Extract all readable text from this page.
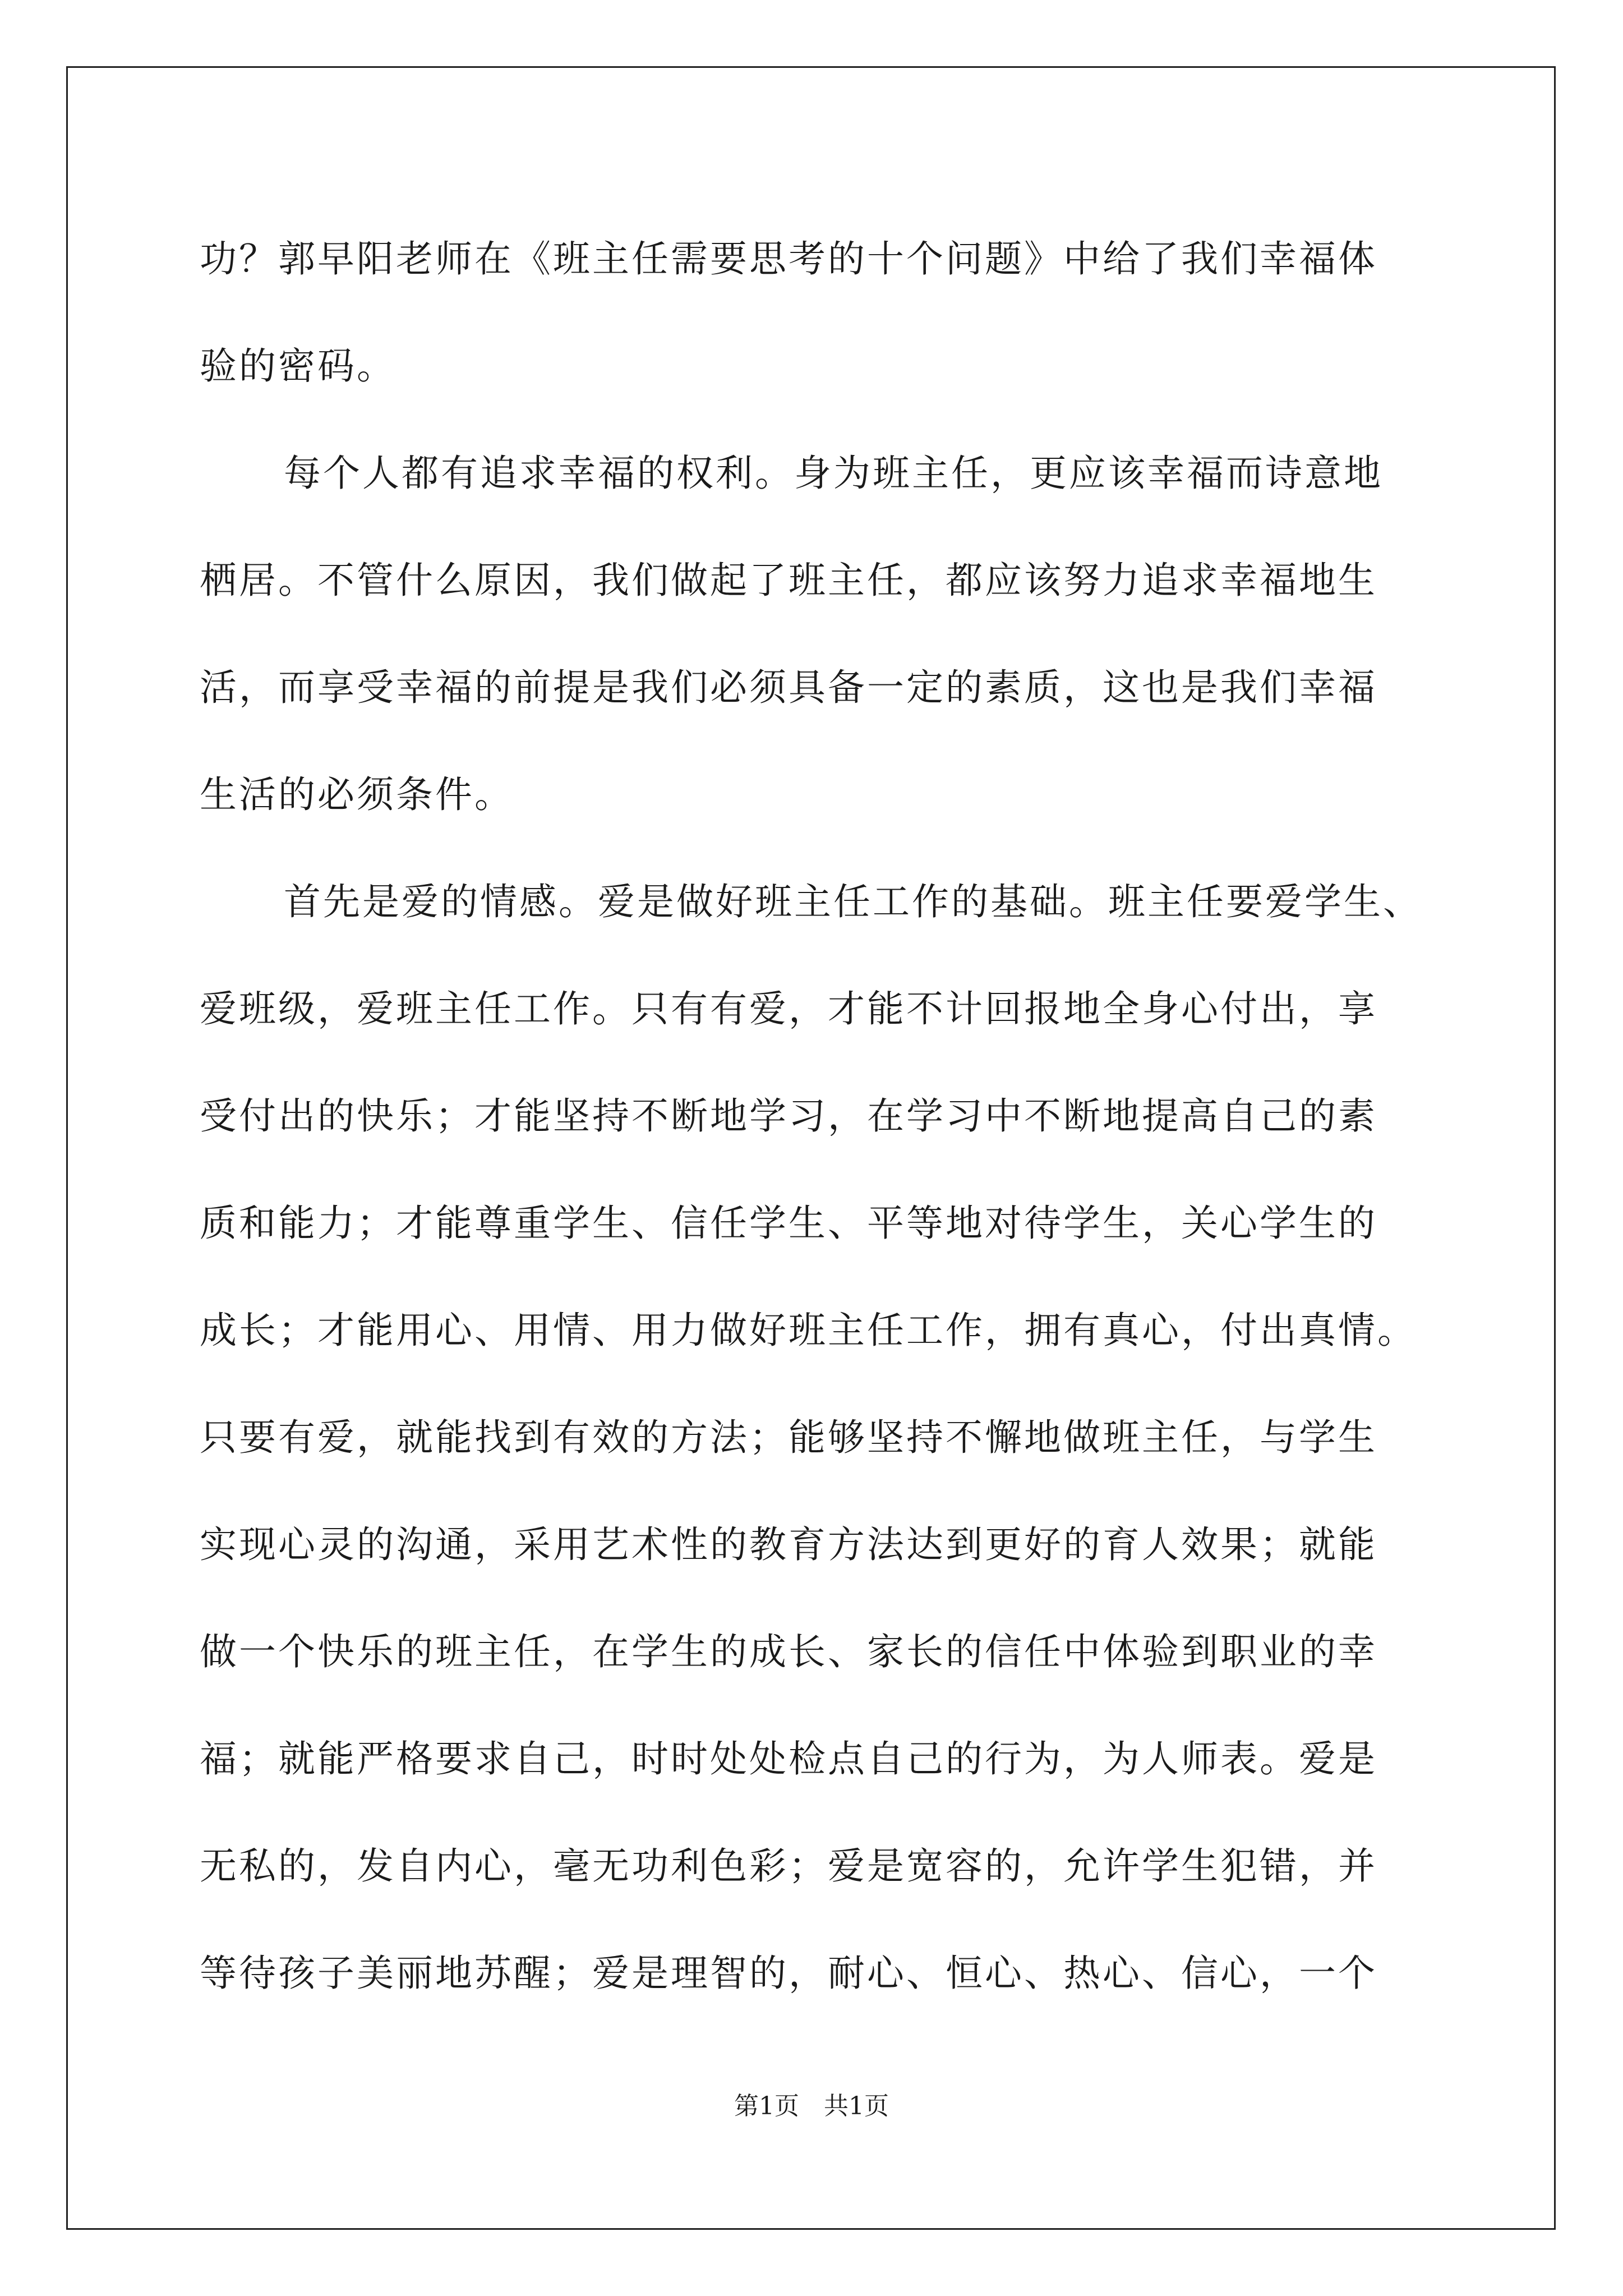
功？郭早阳老师在《班主任需要思考的十个问题》中给了我们幸福体
验的密码。
每个人都有追求幸福的权利。身为班主任，更应该幸福而诗意地
栖居。不管什么原因，我们做起了班主任，都应该努力追求幸福地生
活，而享受幸福的前提是我们必须具备一定的素质，这也是我们幸福
生活的必须条件。
首先是爱的情感。爱是做好班主任工作的基础。班主任要爱学生、
爱班级，爱班主任工作。只有有爱，才能不计回报地全身心付出，享
受付出的快乐；才能坚持不断地学习，在学习中不断地提高自己的素
质和能力；才能尊重学生、信任学生、平等地对待学生，关心学生的
成长；才能用心、用情、用力做好班主任工作，拥有真心，付出真情。
只要有爱，就能找到有效的方法；能够坚持不懈地做班主任，与学生
实现心灵的沟通，采用艺术性的教育方法达到更好的育人效果；就能
做一个快乐的班主任，在学生的成长、家长的信任中体验到职业的幸
福；就能严格要求自己，时时处处检点自己的行为，为人师表。爱是
无私的，发自内心，毫无功利色彩；爱是宽容的，允许学生犯错，并
等待孩子美丽地苏醒；爱是理智的，耐心、恒心、热心、信心，一个
第1页　共1页
